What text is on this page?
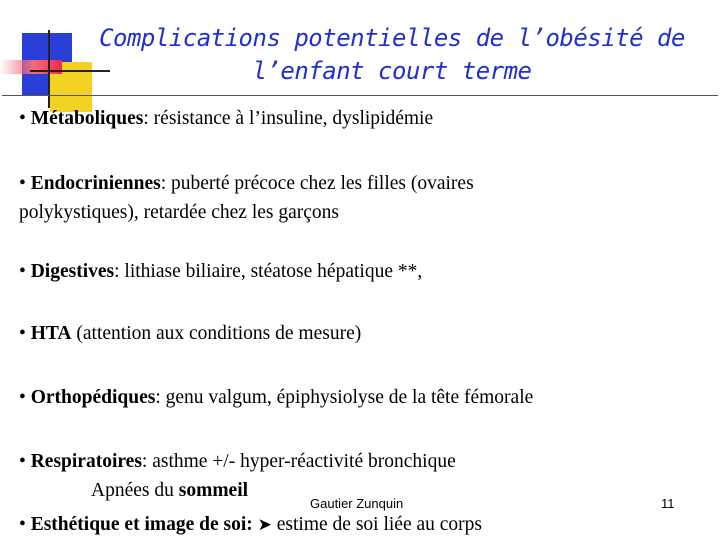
Complications potentielles de l’obésité de
l’enfant court terme
• Métaboliques: résistance à l’insuline, dyslipidémie
• Endocriniennes: puberté précoce chez les filles (ovaires
polykystiques), retardée chez les garçons
• Digestives: lithiase biliaire, stéatose hépatique **,
• HTA (attention aux conditions de mesure)
• Orthopédiques: genu valgum, épiphysiolyse de la tête fémorale
• Respiratoires: asthme +/- hyper-réactivité bronchique
Apnées du sommeil
• Esthétique et image de soi: ➤ estime de soi liée au corps
Gautier Zunquin	11
